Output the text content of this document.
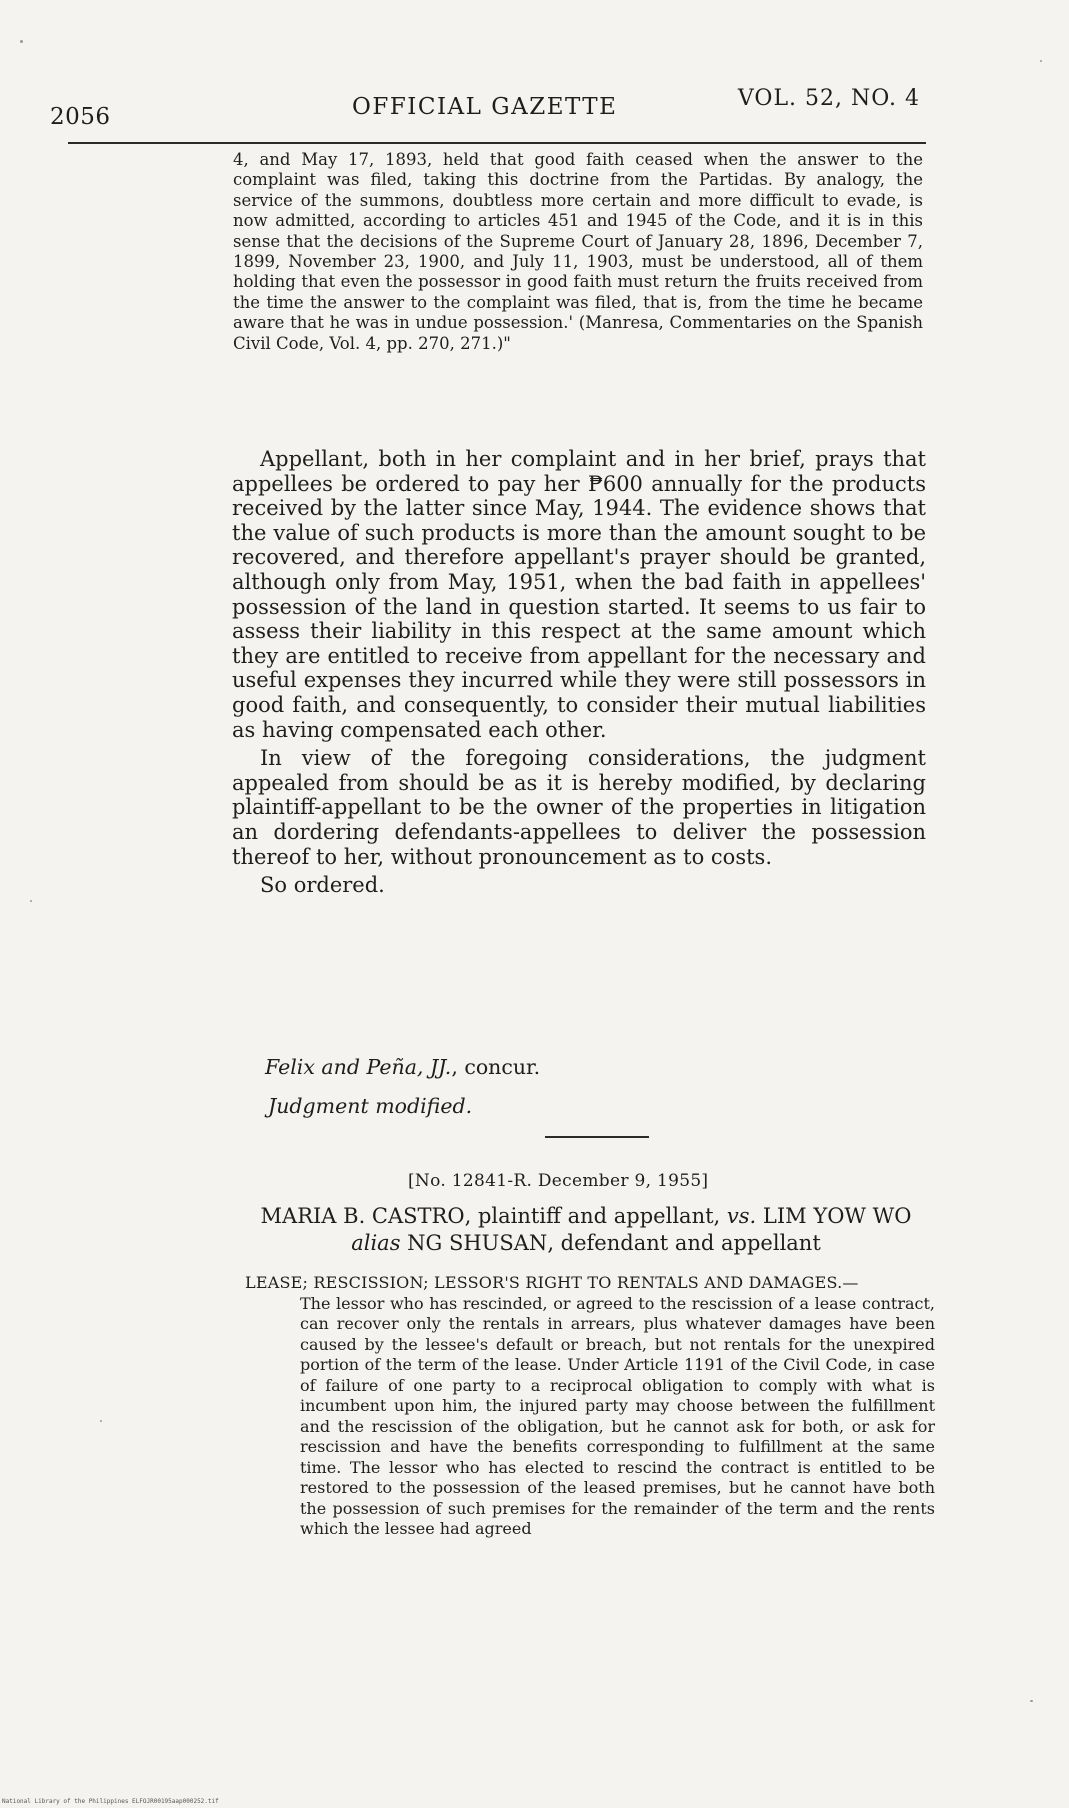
2056	OFFICIAL GAZETTE	VOL. 52, NO. 4

4, and May 17, 1893, held that good faith ceased when the answer to the complaint was filed, taking this doctrine from the Partidas. By analogy, the service of the summons, doubtless more certain and more difficult to evade, is now admitted, according to articles 451 and 1945 of the Code, and it is in this sense that the decisions of the Supreme Court of January 28, 1896, December 7, 1899, November 23, 1900, and July 11, 1903, must be understood, all of them holding that even the possessor in good faith must return the fruits received from the time the answer to the complaint was filed, that is, from the time he became aware that he was in undue possession.' (Manresa, Commentaries on the Spanish Civil Code, Vol. 4, pp. 270, 271.)"

Appellant, both in her complaint and in her brief, prays that appellees be ordered to pay her ₱600 annually for the products received by the latter since May, 1944. The evidence shows that the value of such products is more than the amount sought to be recovered, and therefore appellant's prayer should be granted, although only from May, 1951, when the bad faith in appellees' possession of the land in question started. It seems to us fair to assess their liability in this respect at the same amount which they are entitled to receive from appellant for the necessary and useful expenses they incurred while they were still possessors in good faith, and consequently, to consider their mutual liabilities as having compensated each other.

In view of the foregoing considerations, the judgment appealed from should be as it is hereby modified, by declaring plaintiff-appellant to be the owner of the properties in litigation an dordering defendants-appellees to deliver the possession thereof to her, without pronouncement as to costs.

So ordered.

Felix and Peña, JJ., concur.
Judgment modified.
[No. 12841-R. December 9, 1955]
MARIA B. CASTRO, plaintiff and appellant, vs. LIM YOW WO
alias NG SHUSAN, defendant and appellant
LEASE; RESCISSION; LESSOR'S RIGHT TO RENTALS AND DAMAGES.—
The lessor who has rescinded, or agreed to the rescission of a lease contract, can recover only the rentals in arrears, plus whatever damages have been caused by the lessee's default or breach, but not rentals for the unexpired portion of the term of the lease. Under Article 1191 of the Civil Code, in case of failure of one party to a reciprocal obligation to comply with what is incumbent upon him, the injured party may choose between the fulfillment and the rescission of the obligation, but he cannot ask for both, or ask for rescission and have the benefits corresponding to fulfillment at the same time. The lessor who has elected to rescind the contract is entitled to be restored to the possession of the leased premises, but he cannot have both the possession of such premises for the remainder of the term and the rents which the lessee had agreed
National Library of the Philippines ELFOJR00195aap000252.tif
